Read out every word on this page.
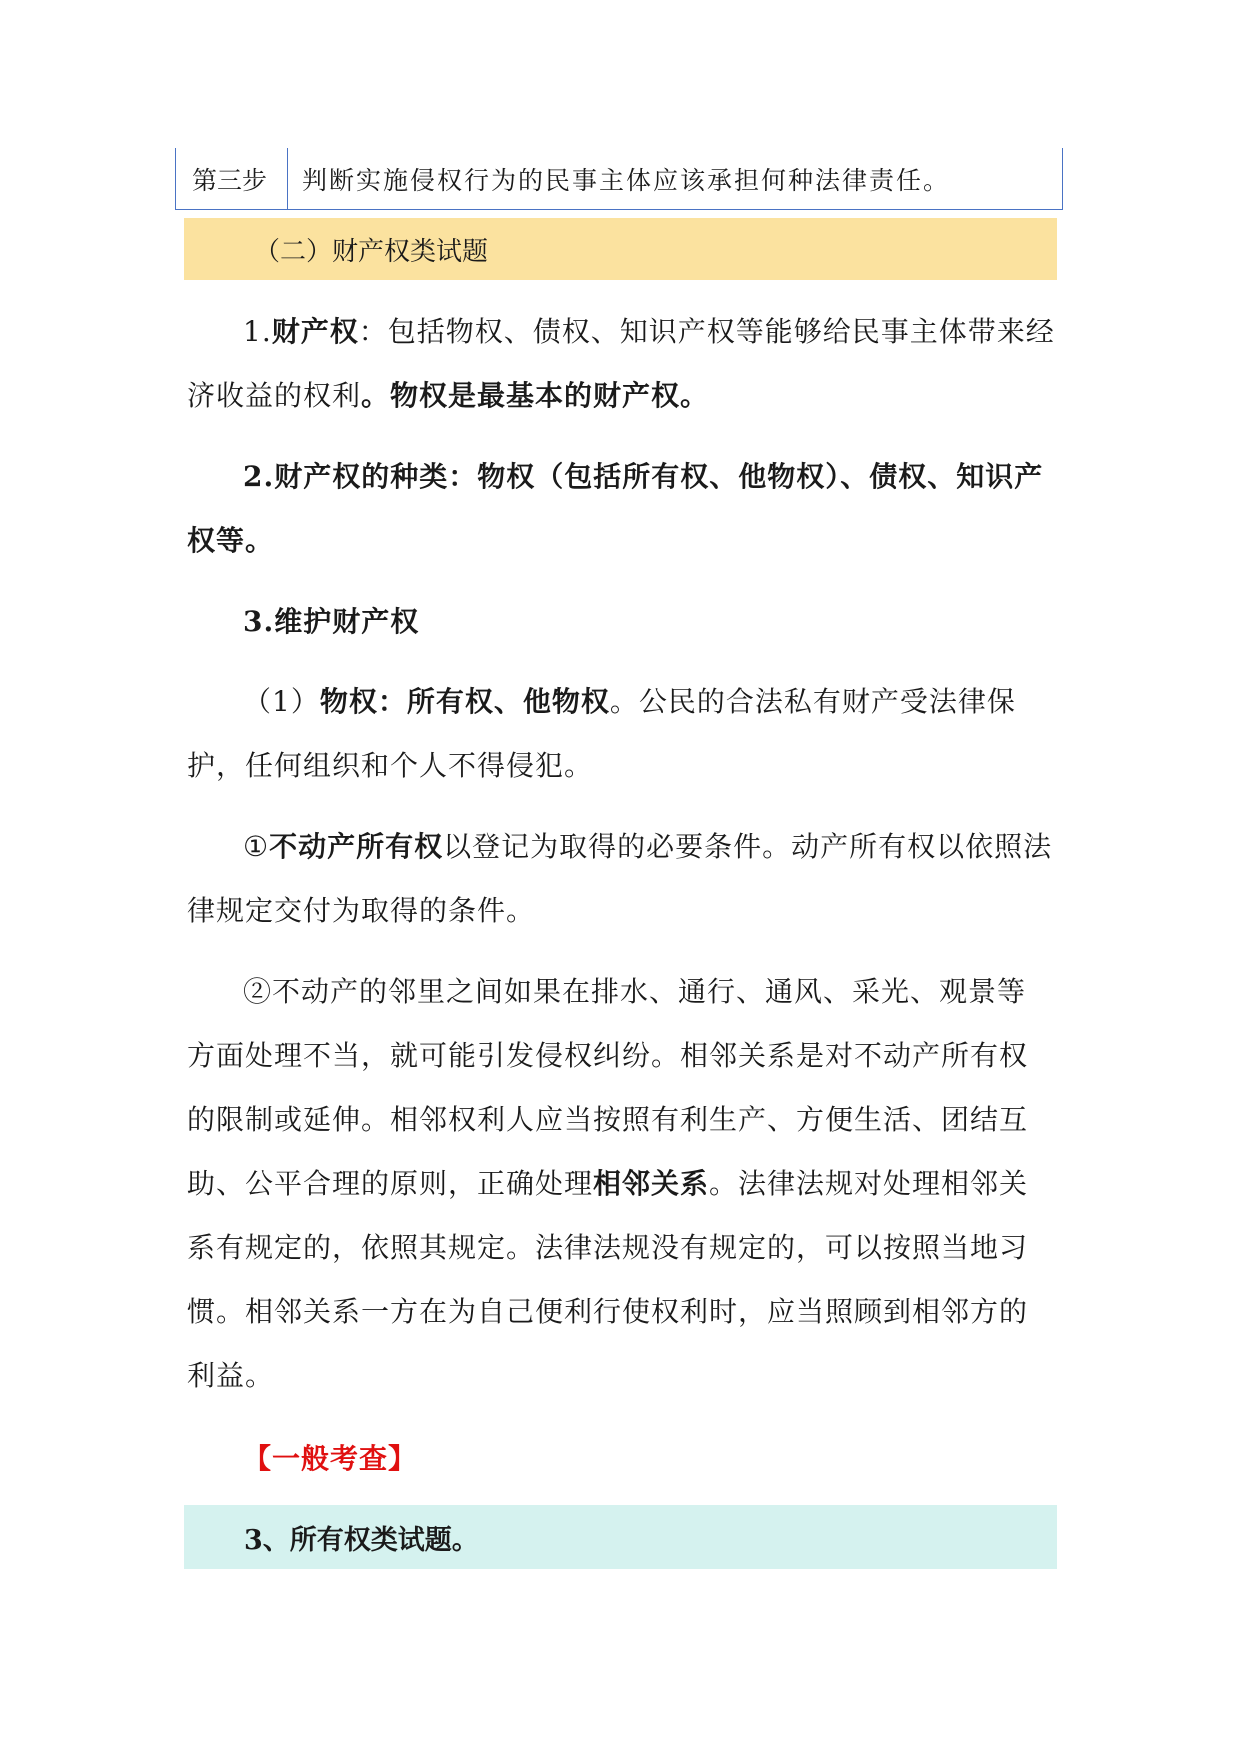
第三步	判断实施侵权行为的民事主体应该承担何种法律责任。
（二）财产权类试题

1.财产权：包括物权、债权、知识产权等能够给民事主体带来经济收益的权利。物权是最基本的财产权。

2.财产权的种类：物权（包括所有权、他物权）、债权、知识产权等。

3.维护财产权

（1）物权：所有权、他物权。公民的合法私有财产受法律保护，任何组织和个人不得侵犯。

①不动产所有权以登记为取得的必要条件。动产所有权以依照法律规定交付为取得的条件。

②不动产的邻里之间如果在排水、通行、通风、采光、观景等方面处理不当，就可能引发侵权纠纷。相邻关系是对不动产所有权的限制或延伸。相邻权利人应当按照有利生产、方便生活、团结互助、公平合理的原则，正确处理相邻关系。法律法规对处理相邻关系有规定的，依照其规定。法律法规没有规定的，可以按照当地习惯。相邻关系一方在为自己便利行使权利时，应当照顾到相邻方的利益。

【一般考查】

3、所有权类试题。
